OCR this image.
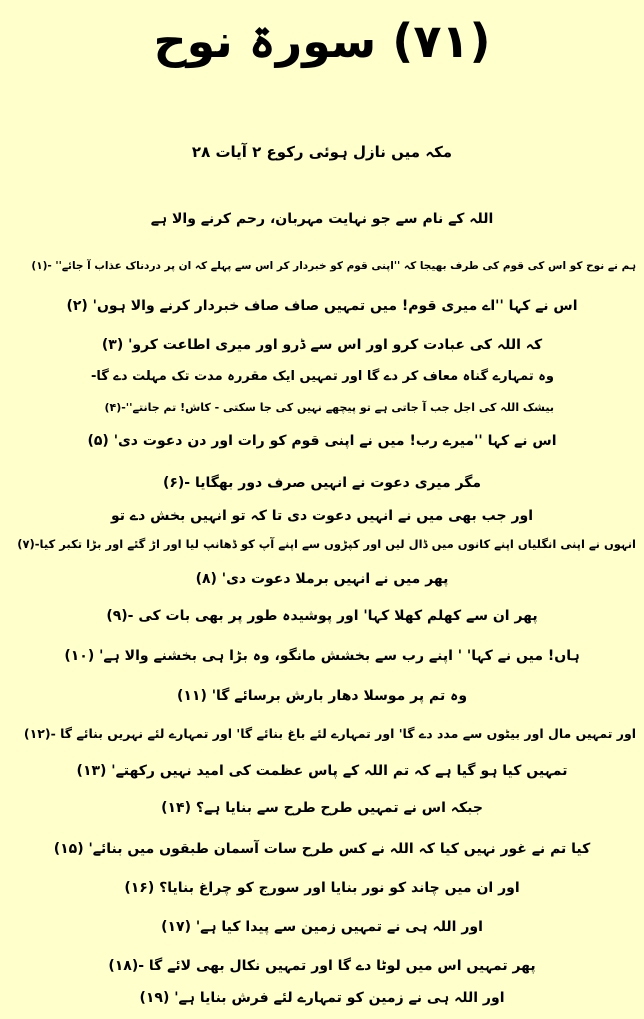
(۷۱) سورۃ نوح
مکہ میں نازل ہوئی رکوع ۲ آیات ۲۸
اللہ کے نام سے جو نہایت مہربان، رحم کرنے والا ہے
ہم نے نوح کو اس کی قوم کی طرف بھیجا کہ ''اپنی قوم کو خبردار کر اس سے پہلے کہ ان پر دردناک عذاب آ جائے'' -(۱)
اس نے کہا ''اے میری قوم! میں تمہیں صاف صاف خبردار کرنے والا ہوں' (۲)
کہ اللہ کی عبادت کرو اور اس سے ڈرو اور میری اطاعت کرو' (۳)
وہ تمہارے گناہ معاف کر دے گا اور تمہیں ایک مقررہ مدت تک مہلت دے گا-
بیشک اللہ کی اجل جب آ جاتی ہے تو پیچھے نہیں کی جا سکتی - کاش! تم جانتے''-(۴)
اس نے کہا ''میرے رب! میں نے اپنی قوم کو رات اور دن دعوت دی' (۵)
مگر میری دعوت نے انہیں صرف دور بھگایا -(۶)
اور جب بھی میں نے انہیں دعوت دی تا کہ تو انہیں بخش دے تو
انہوں نے اپنی انگلیاں اپنے کانوں میں ڈال لیں اور کپڑوں سے اپنے آپ کو ڈھانپ لیا اور اڑ گئے اور بڑا تکبر کیا-(۷)
پھر میں نے انہیں برملا دعوت دی' (۸)
پھر ان سے کھلم کھلا کہا' اور پوشیدہ طور پر بھی بات کی -(۹)
ہاں! میں نے کہا' ' اپنے رب سے بخشش مانگو، وہ بڑا ہی بخشنے والا ہے' (۱۰)
وہ تم پر موسلا دھار بارش برسائے گا' (۱۱)
اور تمہیں مال اور بیٹوں سے مدد دے گا' اور تمہارے لئے باغ بنائے گا' اور تمہارے لئے نہریں بنائے گا -(۱۲)
تمہیں کیا ہو گیا ہے کہ تم اللہ کے پاس عظمت کی امید نہیں رکھتے' (۱۳)
جبکہ اس نے تمہیں طرح طرح سے بنایا ہے؟ (۱۴)
کیا تم نے غور نہیں کیا کہ اللہ نے کس طرح سات آسمان طبقوں میں بنائے' (۱۵)
اور ان میں چاند کو نور بنایا اور سورج کو چراغ بنایا؟ (۱۶)
اور اللہ ہی نے تمہیں زمین سے پیدا کیا ہے' (۱۷)
پھر تمہیں اس میں لوٹا دے گا اور تمہیں نکال بھی لائے گا -(۱۸)
اور اللہ ہی نے زمین کو تمہارے لئے فرش بنایا ہے' (۱۹)
